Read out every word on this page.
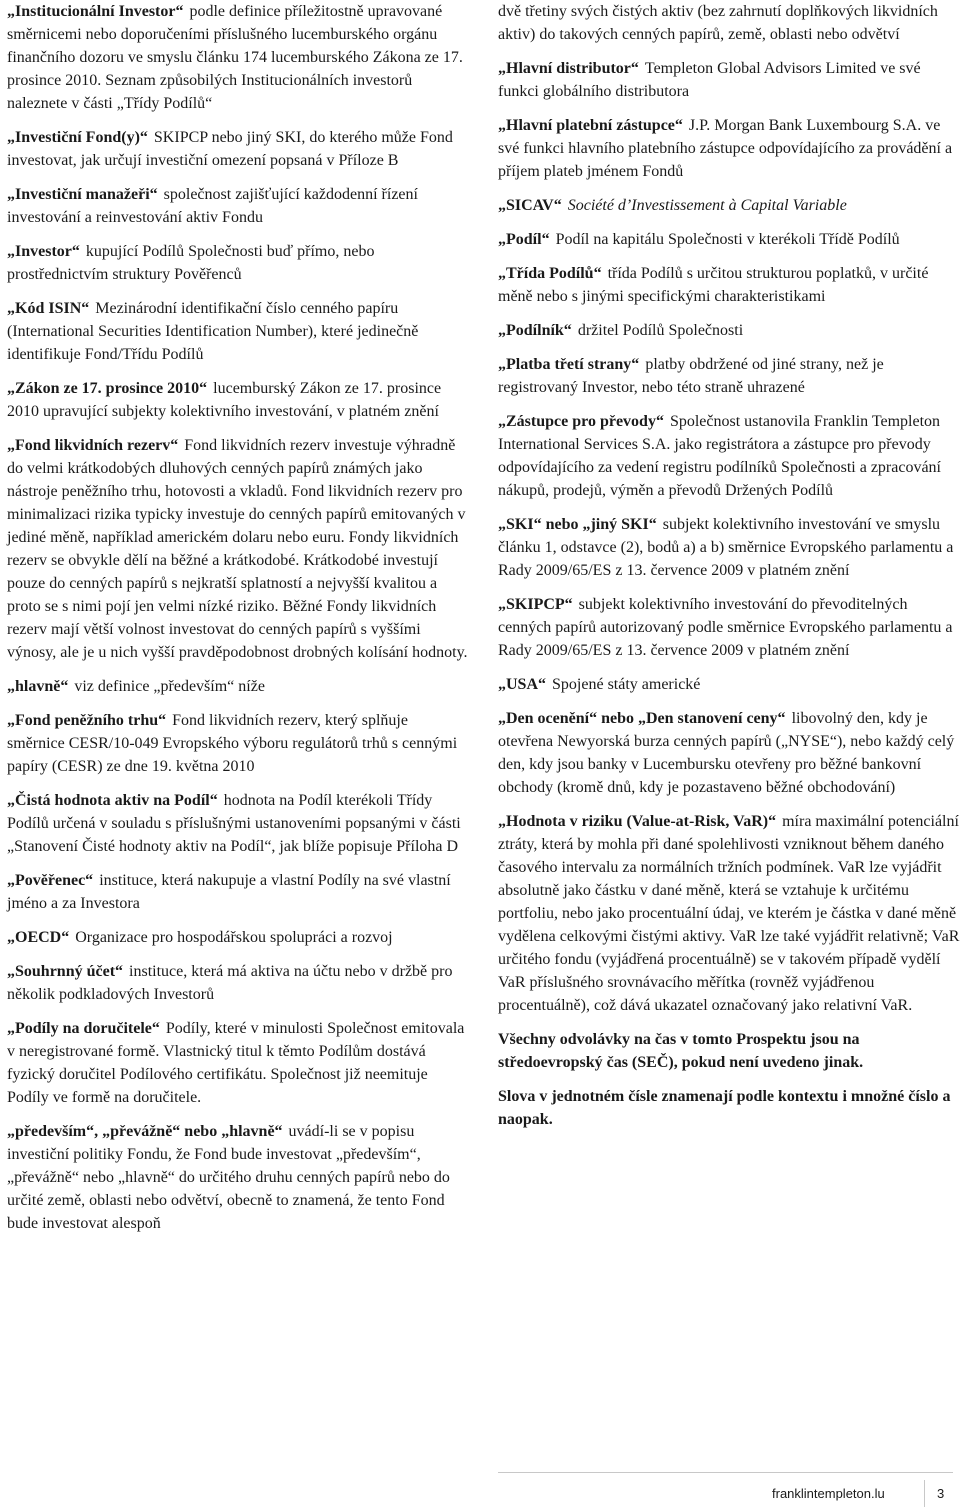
„Institucionální Investor“ podle definice příležitostně upravované směrnicemi nebo doporučeními příslušného lucemburského orgánu finančního dozoru ve smyslu článku 174 lucemburského Zákona ze 17. prosince 2010. Seznam způsobilých Institucionálních investorů naleznete v části „Třídy Podílů“

„Investiční Fond(y)“ SKIPCP nebo jiný SKI, do kterého může Fond investovat, jak určují investiční omezení popsaná v Příloze B

„Investiční manažeři“ společnost zajišťující každodenní řízení investování a reinvestování aktiv Fondu

„Investor“ kupující Podílů Společnosti buď přímo, nebo prostřednictvím struktury Pověřenců

„Kód ISIN“ Mezinárodní identifikační číslo cenného papíru (International Securities Identification Number), které jedinečně identifikuje Fond/Třídu Podílů

„Zákon ze 17. prosince 2010“ lucemburský Zákon ze 17. prosince 2010 upravující subjekty kolektivního investování, v platném znění

„Fond likvidních rezerv“ Fond likvidních rezerv investuje výhradně do velmi krátkodobých dluhových cenných papírů známých jako nástroje peněžního trhu, hotovosti a vkladů. Fond likvidních rezerv pro minimalizaci rizika typicky investuje do cenných papírů emitovaných v jediné měně, například americkém dolaru nebo euru. Fondy likvidních rezerv se obvykle dělí na běžné a krátkodobé. Krátkodobé investují pouze do cenných papírů s nejkratší splatností a nejvyšší kvalitou a proto se s nimi pojí jen velmi nízké riziko. Běžné Fondy likvidních rezerv mají větší volnost investovat do cenných papírů s vyššími výnosy, ale je u nich vyšší pravděpodobnost drobných kolísání hodnoty.

„hlavně“ viz definice „především“ níže

„Fond peněžního trhu“ Fond likvidních rezerv, který splňuje směrnice CESR/10-049 Evropského výboru regulátorů trhů s cennými papíry (CESR) ze dne 19. května 2010

„Čistá hodnota aktiv na Podíl“ hodnota na Podíl kterékoli Třídy Podílů určená v souladu s příslušnými ustanoveními popsanými v části „Stanovení Čisté hodnoty aktiv na Podíl“, jak blíže popisuje Příloha D

„Pověřenec“ instituce, která nakupuje a vlastní Podíly na své vlastní jméno a za Investora

„OECD“ Organizace pro hospodářskou spolupráci a rozvoj

„Souhrnný účet“ instituce, která má aktiva na účtu nebo v držbě pro několik podkladových Investorů

„Podíly na doručitele“ Podíly, které v minulosti Společnost emitovala v neregistrované formě. Vlastnický titul k těmto Podílům dostává fyzický doručitel Podílového certifikátu. Společnost již neemituje Podíly ve formě na doručitele.

„především“, „převážně“ nebo „hlavně“ uvádí-li se v popisu investiční politiky Fondu, že Fond bude investovat „především“, „převážně“ nebo „hlavně“ do určitého druhu cenných papírů nebo do určité země, oblasti nebo odvětví, obecně to znamená, že tento Fond bude investovat alespoň

dvě třetiny svých čistých aktiv (bez zahrnutí doplňkových likvidních aktiv) do takových cenných papírů, země, oblasti nebo odvětví

„Hlavní distributor“ Templeton Global Advisors Limited ve své funkci globálního distributora

„Hlavní platební zástupce“ J.P. Morgan Bank Luxembourg S.A. ve své funkci hlavního platebního zástupce odpovídajícího za provádění a příjem plateb jménem Fondů

„SICAV“ Société d’Investissement à Capital Variable

„Podíl“ Podíl na kapitálu Společnosti v kterékoli Třídě Podílů

„Třída Podílů“ třída Podílů s určitou strukturou poplatků, v určité měně nebo s jinými specifickými charakteristikami

„Podílník“ držitel Podílů Společnosti

„Platba třetí strany“ platby obdržené od jiné strany, než je registrovaný Investor, nebo této straně uhrazené

„Zástupce pro převody“ Společnost ustanovila Franklin Templeton International Services S.A. jako registrátora a zástupce pro převody odpovídajícího za vedení registru podílníků Společnosti a zpracování nákupů, prodejů, výměn a převodů Držených Podílů

„SKI“ nebo „jiný SKI“ subjekt kolektivního investování ve smyslu článku 1, odstavce (2), bodů a) a b) směrnice Evropského parlamentu a Rady 2009/65/ES z 13. července 2009 v platném znění

„SKIPCP“ subjekt kolektivního investování do převoditelných cenných papírů autorizovaný podle směrnice Evropského parlamentu a Rady 2009/65/ES z 13. července 2009 v platném znění

„USA“ Spojené státy americké

„Den ocenění“ nebo „Den stanovení ceny“ libovolný den, kdy je otevřena Newyorská burza cenných papírů („NYSE“), nebo každý celý den, kdy jsou banky v Lucembursku otevřeny pro běžné bankovní obchody (kromě dnů, kdy je pozastaveno běžné obchodování)

„Hodnota v riziku (Value-at-Risk, VaR)“ míra maximální potenciální ztráty, která by mohla při dané spolehlivosti vzniknout během daného časového intervalu za normálních tržních podmínek. VaR lze vyjádřit absolutně jako částku v dané měně, která se vztahuje k určitému portfoliu, nebo jako procentuální údaj, ve kterém je částka v dané měně vydělena celkovými čistými aktivy. VaR lze také vyjádřit relativně; VaR určitého fondu (vyjádřená procentuálně) se v takovém případě vydělí VaR příslušného srovnávacího měřítka (rovněž vyjádřenou procentuálně), což dává ukazatel označovaný jako relativní VaR.

Všechny odvolávky na čas v tomto Prospektu jsou na středoevropský čas (SEČ), pokud není uvedeno jinak.

Slova v jednotném čísle znamenají podle kontextu i množné číslo a naopak.

franklintempleton.lu	3
